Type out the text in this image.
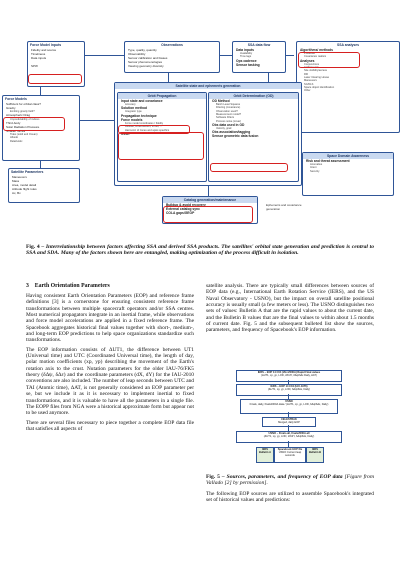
Force Model Inputs
Fidelity and source
Timeliness
Data inputs
SPW
Force Models
Sufficient for orbital class?
Gravity
Emitting gravity field?
Atmospheric Drag
Unpredictability of indices
Third-body
Solar Radiation Pressure
Smaller forces
Tides (solid and Ocean)
Albedo
Relativistic
Satellite Parameters
Maneuvers
Mass
Area, model detail
Attitude flight rules
Ax, Bx
Observations
Type, quality, quantity
Observability
Sensor calibration and biases
Sensor phenomenologies
Viewing geometry diversity
SSA data flow
Data inputs
Availability
Time lags
Ops cadence
Sensor tasking
SSA analyses
Algorithms/ methods
Predicted
Covariance realism
Analyses
Conjunctions
Collision risk
Site visibility/access
RFI
Laser Clearing House
Maneuvers
SC/DLS
Space object identification
Other
Space Domain Awareness
Risk and threat assessment
Anomalies
Intent
Security
Satellite state and ephemeris generation
Orbit Propagation
Input state and covariance
Accuracy
Solution method
Integrator type
Propagation technique
Force models
Force model coordinates / fidelity
Attitude, cross-section, thrust, ...
Harmonic of zones and apsis specifics
Other
Orbit Determination (OD)
OD Method
Batch Least Squares
Filtering (covariance)
Observation used?
Measurement model?
Software Filters
Process noise (covar)
Obs data used in OD
Velocity, grad
Obs association/tagging
Sensor geometric data fusion
Catalog generation/maintenance
Buildup & avoid recovery
External catalog sync
COLA gaps/GEOP
Ephemeris and covariance generation
Fig. 4 – Interrelationship between factors affecting SSA and derived SSA products. The satellites' orbital state generation and prediction is central to SSA and SDA. Many of the factors shown here are entangled, making optimization of the process difficult in isolation.
3 Earth Orientation Parameters

Having consistent Earth Orientation Parameters (EOP) and reference frame definitions [3] is a cornerstone for ensuring consistent reference frame transformations between multiple spacecraft operators and/or SSA centres. Most numerical propagators integrate in an inertial frame, while observations and force model accelerations are applied in a fixed reference frame. The Spacebook aggregates historical final values together with short-, medium-, and long-term EOP predictions to help space organizations standardize such transformations.

The EOP information consists of ΔUT1, the difference between UT1 (Universal time) and UTC (Coordinated Universal time), the length of day, polar motion coefficients (xp, yp) describing the movement of the Earth's rotation axis to the crust. Nutation parameters for the older IAU-76/FK5 theory (δΔψ, δΔε) and the coordinate parameters (dX, dY) for the IAU-2010 conventions are also included. The number of leap seconds between UTC and TAI (Atomic time), ΔAT, is not generally considered an EOP parameter per se, but we include it as it is necessary to implement inertial to fixed transformations, and it is valuable to have all the parameters in a single file. The EOPP files from NGA were a historical approximate form but appear not to be used anymore.

There are several files necessary to piece together a complete EOP data file that satisfies all aspects of

satellite analysis. There are typically small differences between sources of EOP data (e.g., International Earth Rotation Service (IERS), and the US Naval Observatory - USNO), but the impact on overall satellite positional accuracy is usually small (a few meters or less). The USNO distinguishes two sets of values: Bulletin A that are the rapid values to about the current date, and the Bulletin B values that are the final values to within about 1.5 months of current date. Fig. 5 and the subsequent bulleted list show the sources, parameters, and frequency of Spacebook's EOP information.

IERS – EOP 14 C04 (IAU-2000A) Rapid Final values
(ΔUT1, xp, yp, LOD, dX/dY, δΔψ/δΔε Daily, ΔAT)
IERS – EOP 14 C04 (IAU-1976)
(ΔUT1, xp, yp, LOD, δΔψ/δΔε, Daily)
USNO
Finals, daily, finals2000A.data / (ΔUT1, xp, yp, LOD, δΔψ/δΔε, Daily)
CELESTRAK
Merged, daily EOP
USNO – Finals.all, finals2000A.all
(ΔUT1, xp, yp, LOD, dX/dY, δΔψ/δΔε, Daily)
IERS Bulletin A
Spacebook EOP file
USNO Current leap seconds
IERS Bulletin B
Fig. 5 – Sources, parameters, and frequency of EOP data [Figure from Vallado [2] by permission].

The following EOP sources are utilized to assemble Spacebook's integrated set of historical values and predictions:
